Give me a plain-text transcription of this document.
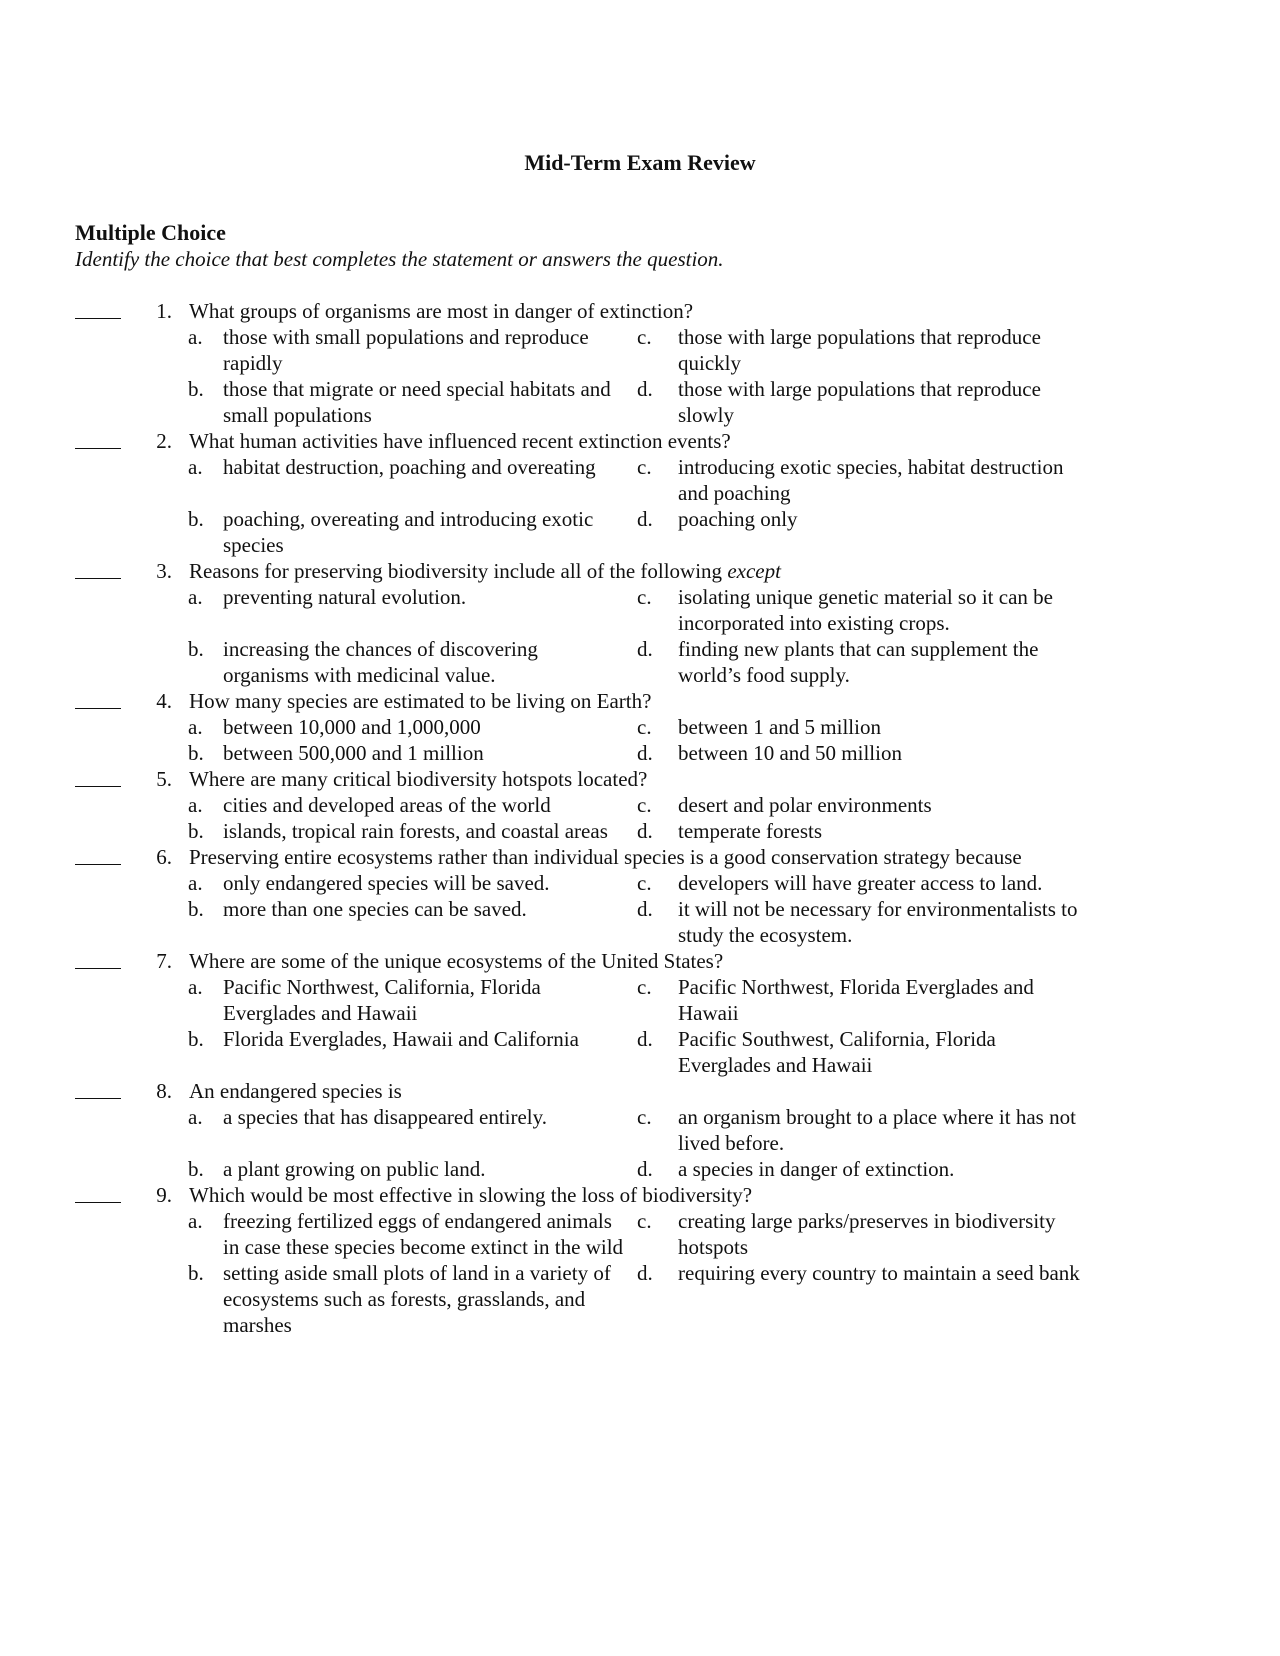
Mid-Term Exam Review
Multiple Choice
Identify the choice that best completes the statement or answers the question.
1. What groups of organisms are most in danger of extinction?
a. those with small populations and reproduce rapidly
c.	those with large populations that reproduce quickly
b. those that migrate or need special habitats and small populations
d.	those with large populations that reproduce slowly
2. What human activities have influenced recent extinction events?
a. habitat destruction, poaching and overeating	c.	introducing exotic species, habitat destruction and poaching
b. poaching, overeating and introducing exotic species
d.	poaching only
3. Reasons for preserving biodiversity include all of the following except
a. preventing natural evolution.	c.	isolating unique genetic material so it can be incorporated into existing crops.
b. increasing the chances of discovering organisms with medicinal value.
d.	finding new plants that can supplement the world’s food supply.
4. How many species are estimated to be living on Earth?
a. between 10,000 and 1,000,000	c.	between 1 and 5 million
b. between 500,000 and 1 million	d.	between 10 and 50 million
5. Where are many critical biodiversity hotspots located?
a. cities and developed areas of the world	c.	desert and polar environments
b. islands, tropical rain forests, and coastal areas	d.	temperate forests
6. Preserving entire ecosystems rather than individual species is a good conservation strategy because
a. only endangered species will be saved.	c.	developers will have greater access to land.
b. more than one species can be saved.	d.	it will not be necessary for environmentalists to study the ecosystem.
7. Where are some of the unique ecosystems of the United States?
a. Pacific Northwest, California, Florida Everglades and Hawaii
c.	Pacific Northwest, Florida Everglades and Hawaii
b. Florida Everglades, Hawaii and California	d.	Pacific Southwest, California, Florida Everglades and Hawaii
8. An endangered species is
a. a species that has disappeared entirely.	c.	an organism brought to a place where it has not lived before.
b. a plant growing on public land.	d.	a species in danger of extinction.
9. Which would be most effective in slowing the loss of biodiversity?
a. freezing fertilized eggs of endangered animals in case these species become extinct in the wild
c.	creating large parks/preserves in biodiversity hotspots
b. setting aside small plots of land in a variety of ecosystems such as forests, grasslands, and marshes
d.	requiring every country to maintain a seed bank
